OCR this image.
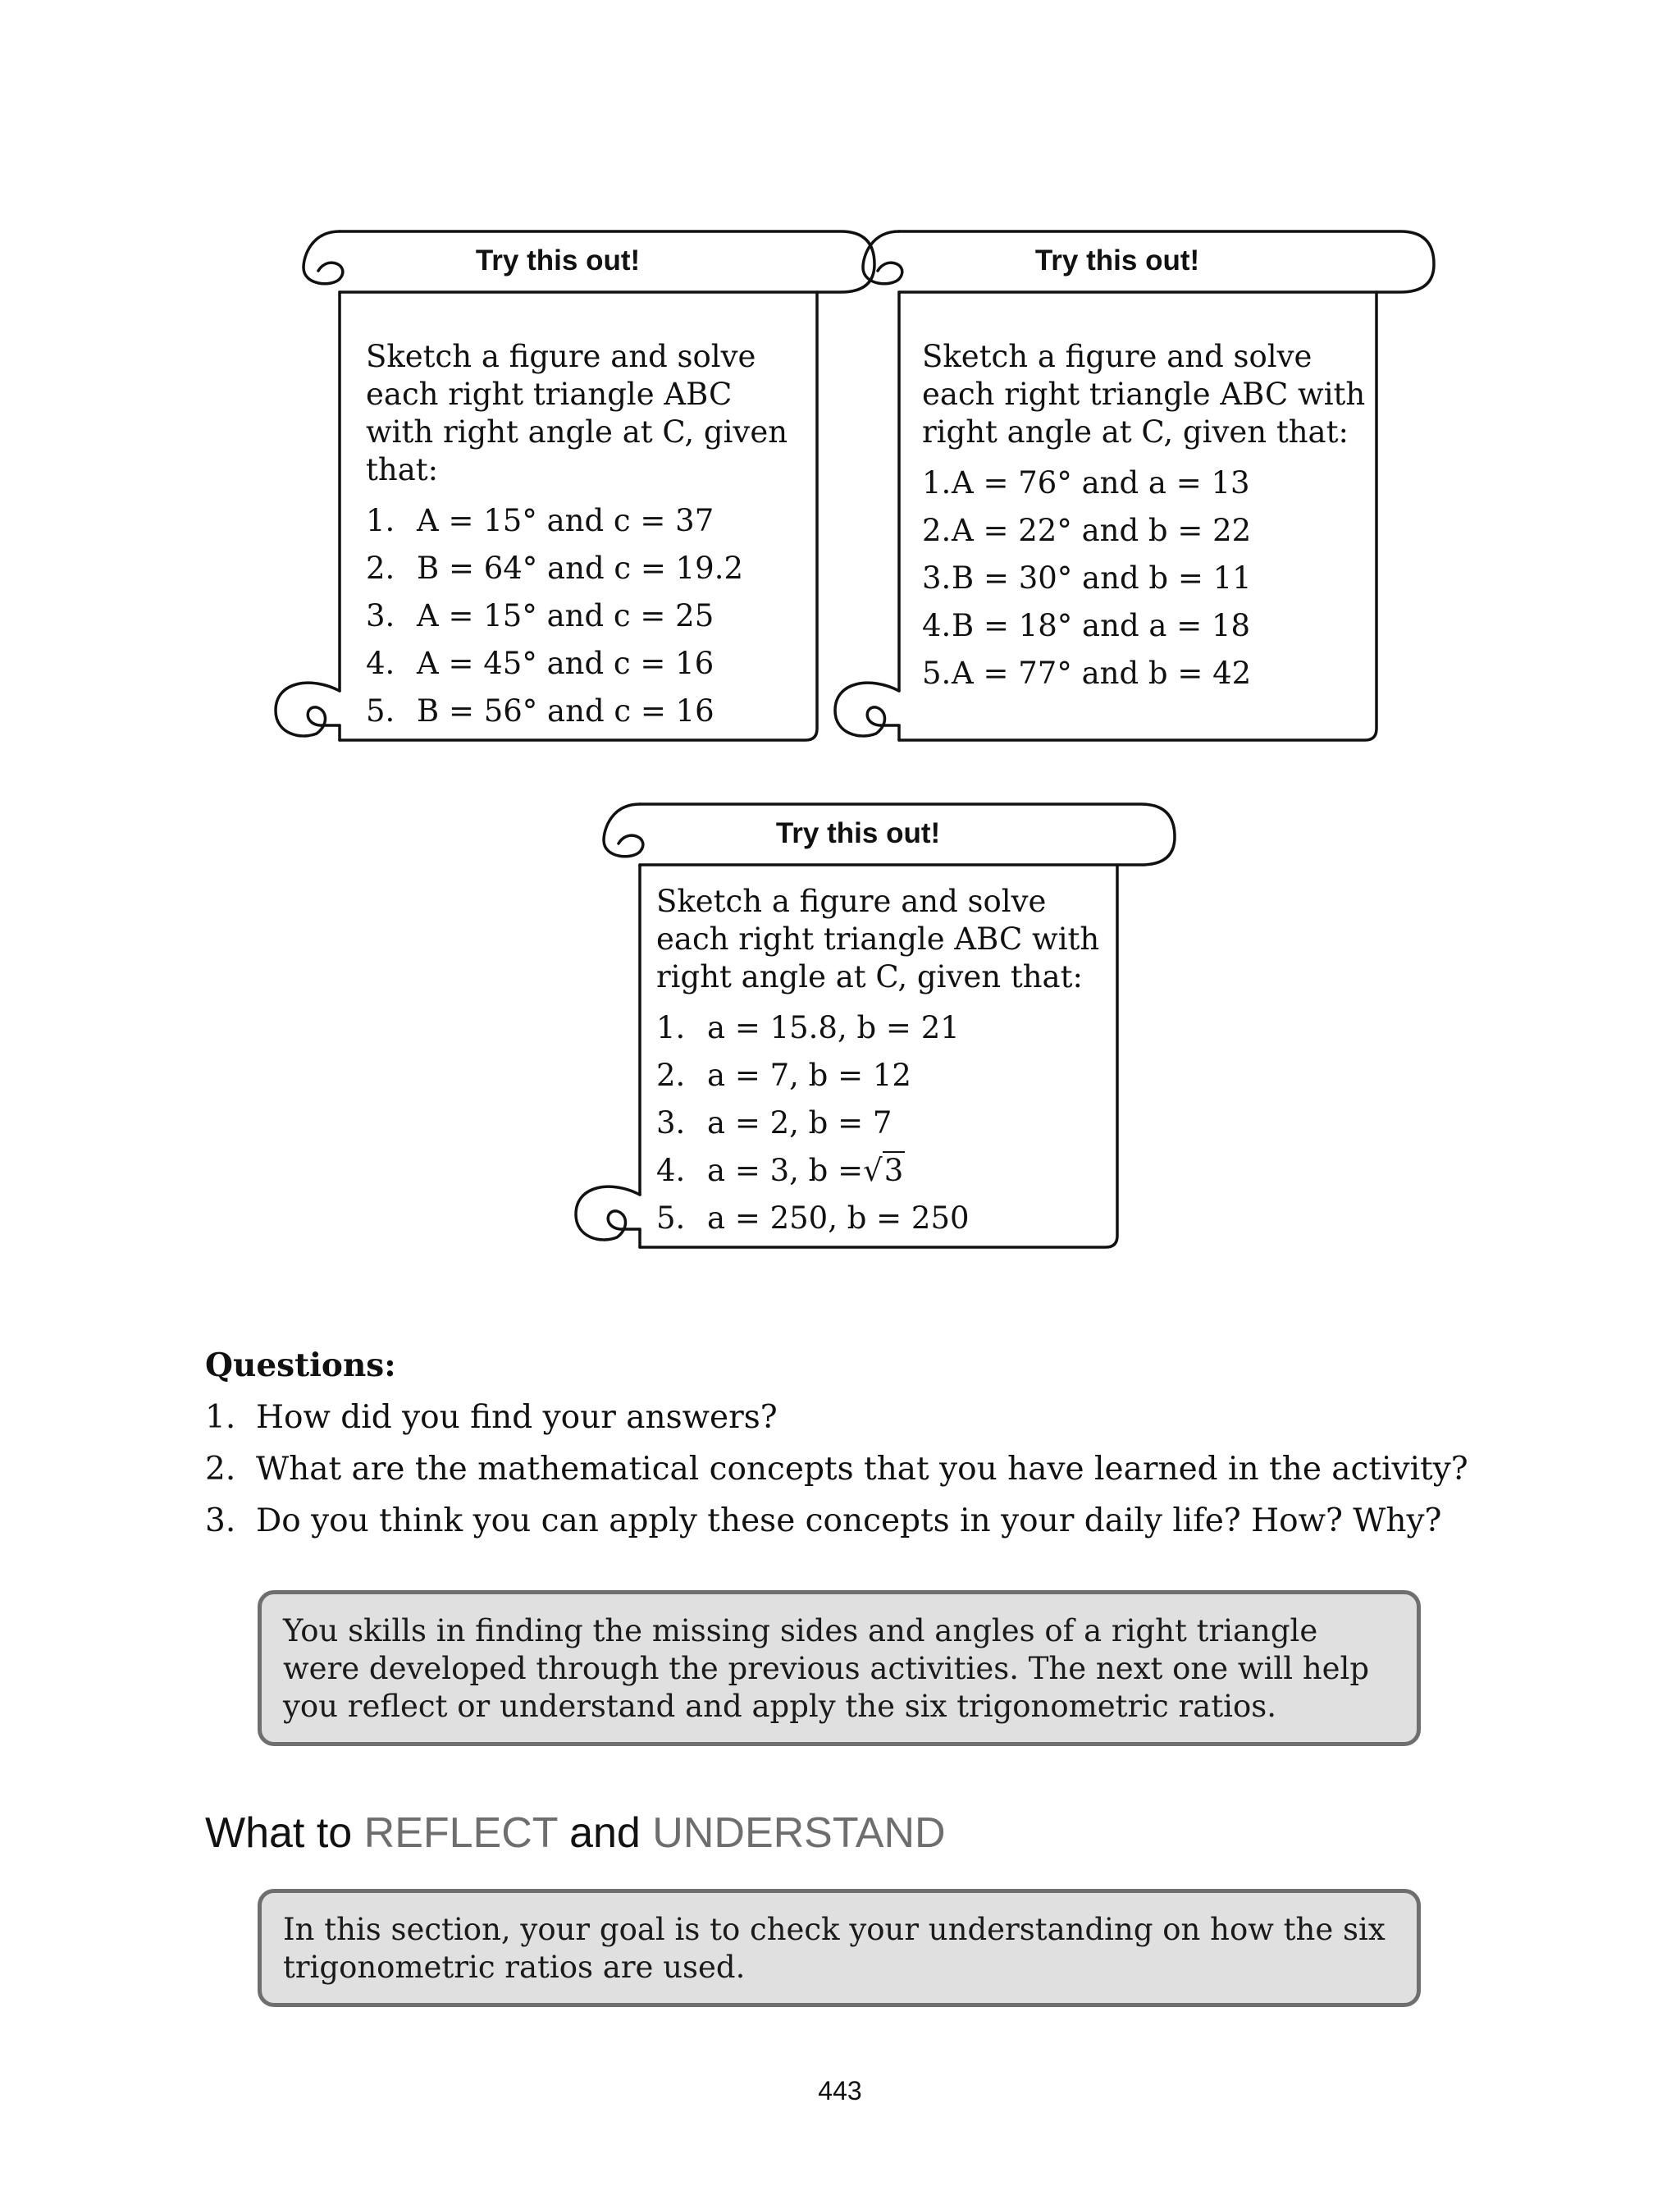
Try this out!
Sketch a figure and solve each right triangle ABC with right angle at C, given that:
1. A = 15° and c = 37
2. B = 64° and c = 19.2
3. A = 15° and c = 25
4. A = 45° and c = 16
5. B = 56° and c = 16
Try this out!
Sketch a figure and solve each right triangle ABC with right angle at C, given that:
1. A = 76° and a = 13
2. A = 22° and b = 22
3. B = 30° and b = 11
4. B = 18° and a = 18
5. A = 77° and b = 42
Try this out!
Sketch a figure and solve each right triangle ABC with right angle at C, given that:
1. a = 15.8, b = 21
2. a = 7, b = 12
3. a = 2, b = 7
4. a = 3, b = √3
5. a = 250, b = 250
Questions:
1. How did you find your answers?
2. What are the mathematical concepts that you have learned in the activity?
3. Do you think you can apply these concepts in your daily life? How? Why?
You skills in finding the missing sides and angles of a right triangle were developed through the previous activities. The next one will help you reflect or understand and apply the six trigonometric ratios.
What to REFLECT and UNDERSTAND
In this section, your goal is to check your understanding on how the six trigonometric ratios are used.
443
